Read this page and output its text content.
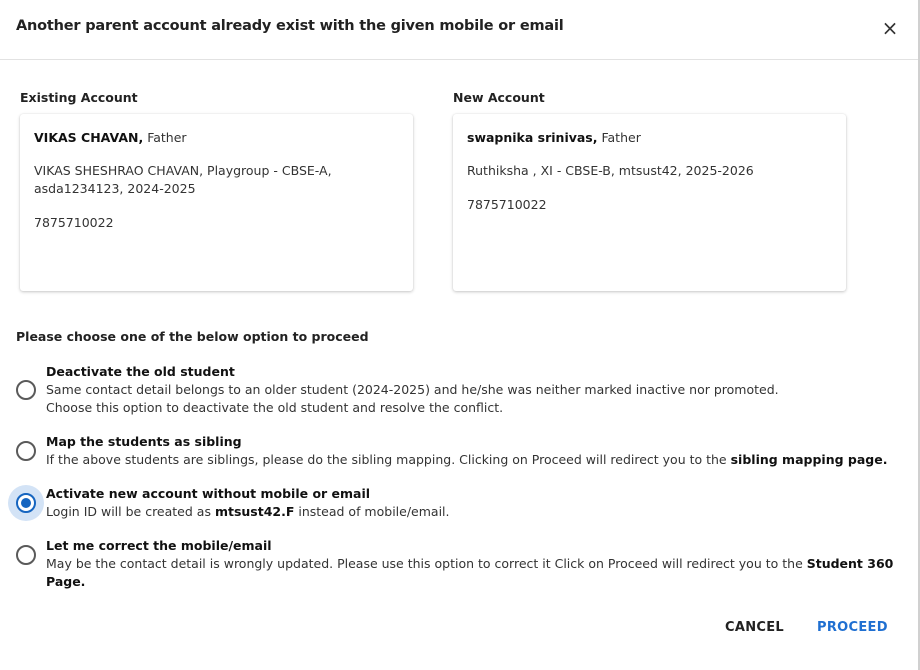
Another parent account already exist with the given mobile or email	×
Existing Account	New Account
VIKAS CHAVAN, Father
VIKAS SHESHRAO CHAVAN, Playgroup - CBSE-A,
asda1234123, 2024-2025
7875710022
swapnika srinivas, Father
Ruthiksha , XI - CBSE-B, mtsust42, 2025-2026
7875710022
Please choose one of the below option to proceed
Deactivate the old student
Same contact detail belongs to an older student (2024-2025) and he/she was neither marked inactive nor promoted.
Choose this option to deactivate the old student and resolve the conflict.
Map the students as sibling
If the above students are siblings, please do the sibling mapping. Clicking on Proceed will redirect you to the sibling mapping page.
Activate new account without mobile or email
Login ID will be created as mtsust42.F instead of mobile/email.
Let me correct the mobile/email
May be the contact detail is wrongly updated. Please use this option to correct it Click on Proceed will redirect you to the Student 360 Page.
CANCEL	PROCEED
